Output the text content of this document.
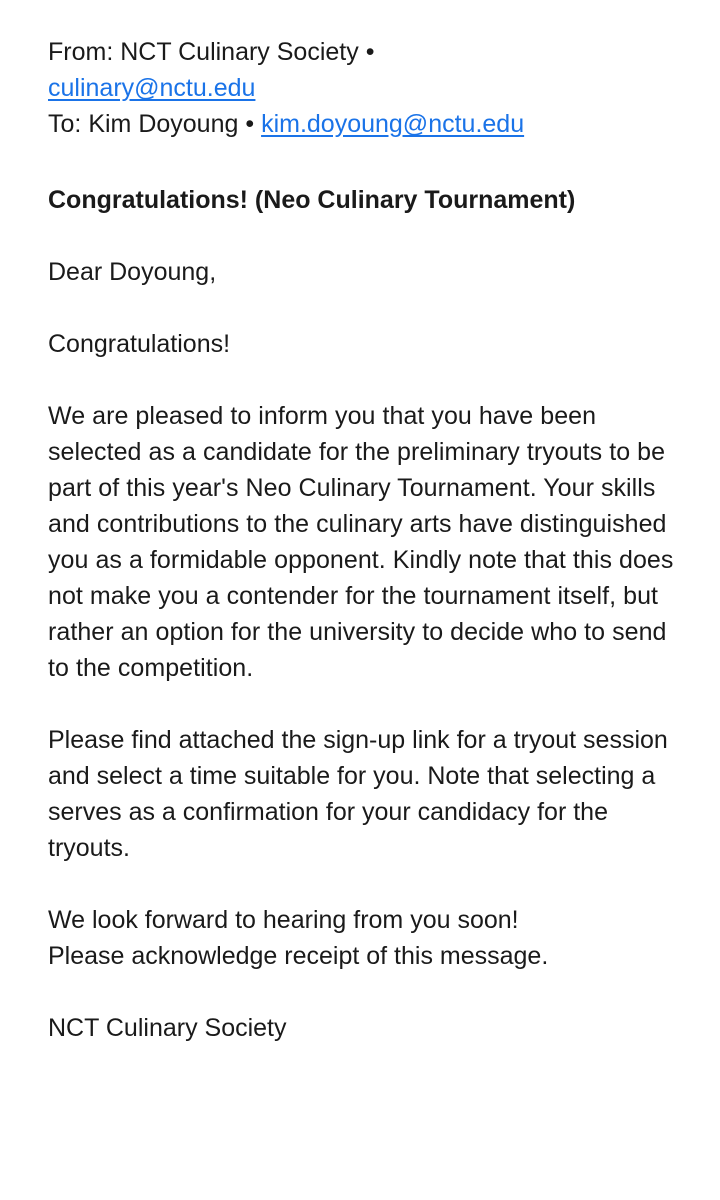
From: NCT Culinary Society •
culinary@nctu.edu
To: Kim Doyoung • kim.doyoung@nctu.edu
Congratulations! (Neo Culinary Tournament)

Dear Doyoung,

Congratulations!

We are pleased to inform you that you have been selected as a candidate for the preliminary tryouts to be part of this year's Neo Culinary Tournament. Your skills and contributions to the culinary arts have distinguished you as a formidable opponent. Kindly note that this does not make you a contender for the tournament itself, but rather an option for the university to decide who to send to the competition.

Please find attached the sign-up link for a tryout session and select a time suitable for you. Note that selecting a serves as a confirmation for your candidacy for the tryouts.

We look forward to hearing from you soon!
Please acknowledge receipt of this message.

NCT Culinary Society
